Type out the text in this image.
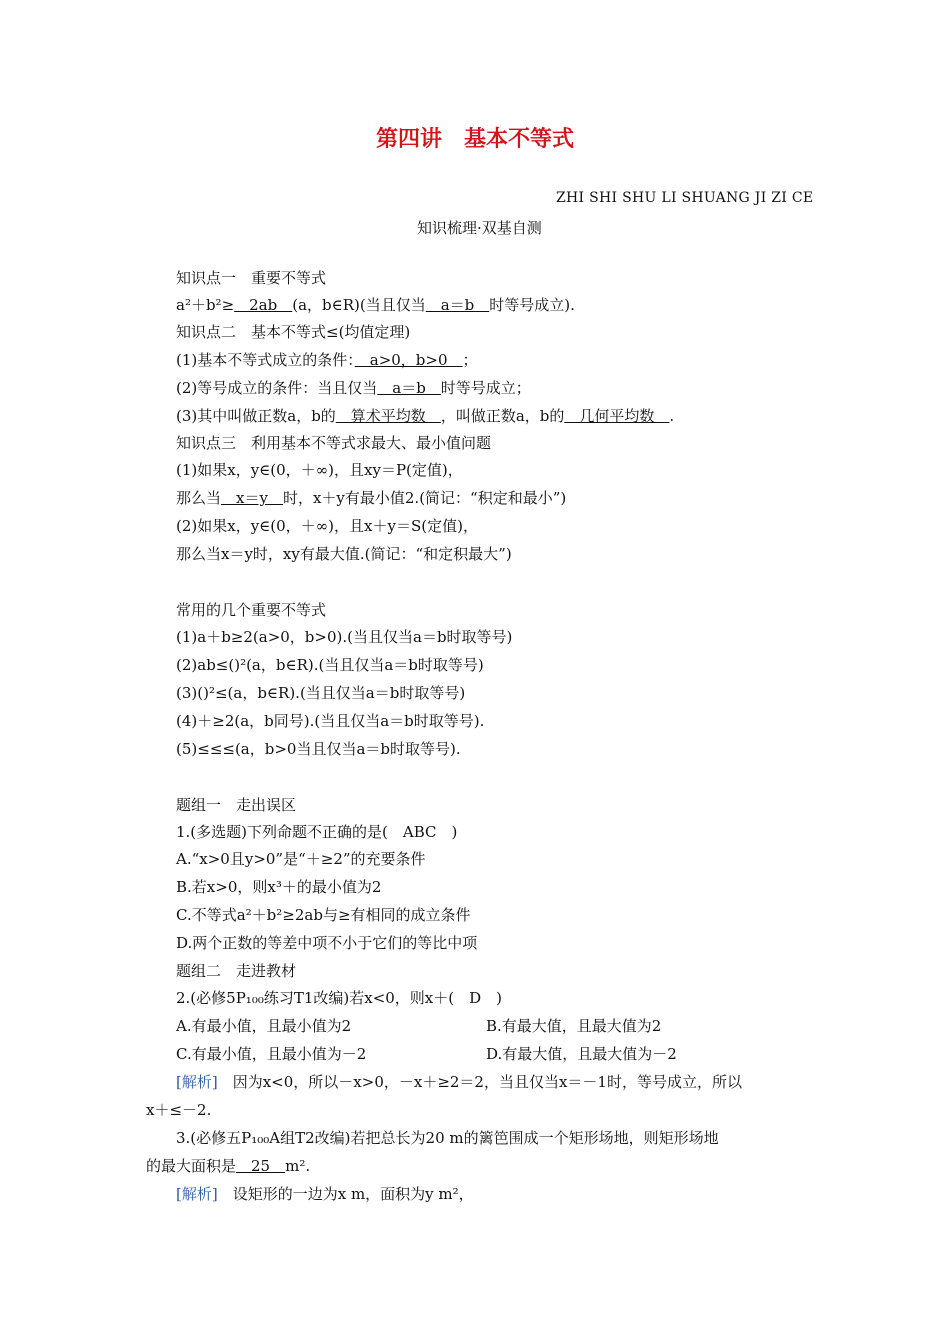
第四讲　基本不等式
ZHI SHI SHU LI SHUANG JI ZI CE
知识梳理·双基自测
知识点一　重要不等式
a²＋b²≥　2ab　(a，b∈R)(当且仅当　a＝b　时等号成立).
知识点二　基本不等式≤(均值定理)
(1)基本不等式成立的条件：　a>0，b>0　；
(2)等号成立的条件：当且仅当　a＝b　时等号成立；
(3)其中叫做正数a，b的　算术平均数　，叫做正数a，b的　几何平均数　.
知识点三　利用基本不等式求最大、最小值问题
(1)如果x，y∈(0，＋∞)，且xy＝P(定值)，
那么当　x＝y　时，x＋y有最小值2.(简记：“积定和最小”)
(2)如果x，y∈(0，＋∞)，且x＋y＝S(定值)，
那么当x＝y时，xy有最大值.(简记：“和定积最大”)
常用的几个重要不等式
(1)a＋b≥2(a>0，b>0).(当且仅当a＝b时取等号)
(2)ab≤()²(a，b∈R).(当且仅当a＝b时取等号)
(3)()²≤(a，b∈R).(当且仅当a＝b时取等号)
(4)＋≥2(a，b同号).(当且仅当a＝b时取等号).
(5)≤≤≤(a，b>0当且仅当a＝b时取等号).
题组一　走出误区
1.(多选题)下列命题不正确的是(　ABC　)
A.“x>0且y>0”是“＋≥2”的充要条件
B.若x>0，则x³＋的最小值为2
C.不等式a²＋b²≥2ab与≥有相同的成立条件
D.两个正数的等差中项不小于它们的等比中项
题组二　走进教材
2.(必修5P₁₀₀练习T1改编)若x<0，则x＋(　D　)
A.有最小值，且最小值为2	B.有最大值，且最大值为2
C.有最小值，且最小值为－2	D.有最大值，且最大值为－2
[解析]　因为x<0，所以－x>0，－x＋≥2＝2，当且仅当x＝－1时，等号成立，所以
x＋≤－2.
3.(必修五P₁₀₀A组T2改编)若把总长为20 m的篱笆围成一个矩形场地，则矩形场地
的最大面积是　25　m².
[解析]　设矩形的一边为x m，面积为y m²，
